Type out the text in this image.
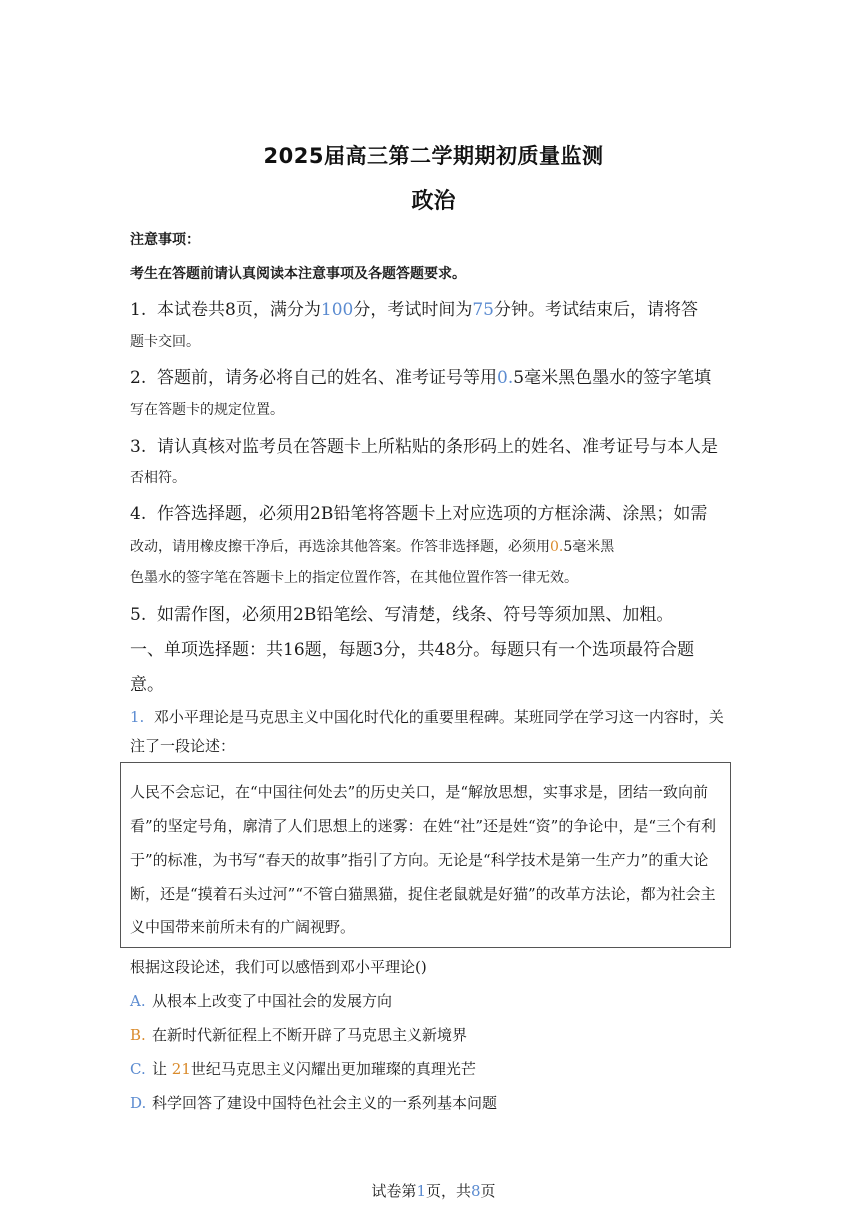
2025届高三第二学期期初质量监测
政治
注意事项：
考生在答题前请认真阅读本注意事项及各题答题要求。
1. 本试卷共8页，满分为100分，考试时间为75分钟。考试结束后，请将答
题卡交回。
2. 答题前，请务必将自己的姓名、准考证号等用0.5毫米黑色墨水的签字笔填
写在答题卡的规定位置。
3. 请认真核对监考员在答题卡上所粘贴的条形码上的姓名、准考证号与本人是
否相符。
4. 作答选择题，必须用2B铅笔将答题卡上对应选项的方框涂满、涂黑；如需
改动，请用橡皮擦干净后，再选涂其他答案。作答非选择题，必须用0.5毫米黑
色墨水的签字笔在答题卡上的指定位置作答，在其他位置作答一律无效。
5. 如需作图，必须用2B铅笔绘、写清楚，线条、符号等须加黑、加粗。
一、单项选择题：共16题，每题3分，共48分。每题只有一个选项最符合题
意。
1. 邓小平理论是马克思主义中国化时代化的重要里程碑。某班同学在学习这一内容时，关
注了一段论述：
人民不会忘记，在“中国往何处去”的历史关口，是“解放思想，实事求是，团结一致向前
看”的坚定号角，廓清了人们思想上的迷雾：在姓“社”还是姓“资”的争论中，是“三个有利
于”的标准，为书写“春天的故事”指引了方向。无论是“科学技术是第一生产力”的重大论
断，还是“摸着石头过河”“不管白猫黑猫，捉住老鼠就是好猫”的改革方法论，都为社会主
义中国带来前所未有的广阔视野。
根据这段论述，我们可以感悟到邓小平理论()
A. 从根本上改变了中国社会的发展方向
B. 在新时代新征程上不断开辟了马克思主义新境界
C. 让 21世纪马克思主义闪耀出更加璀璨的真理光芒
D. 科学回答了建设中国特色社会主义的一系列基本问题
试卷第1页，共8页
